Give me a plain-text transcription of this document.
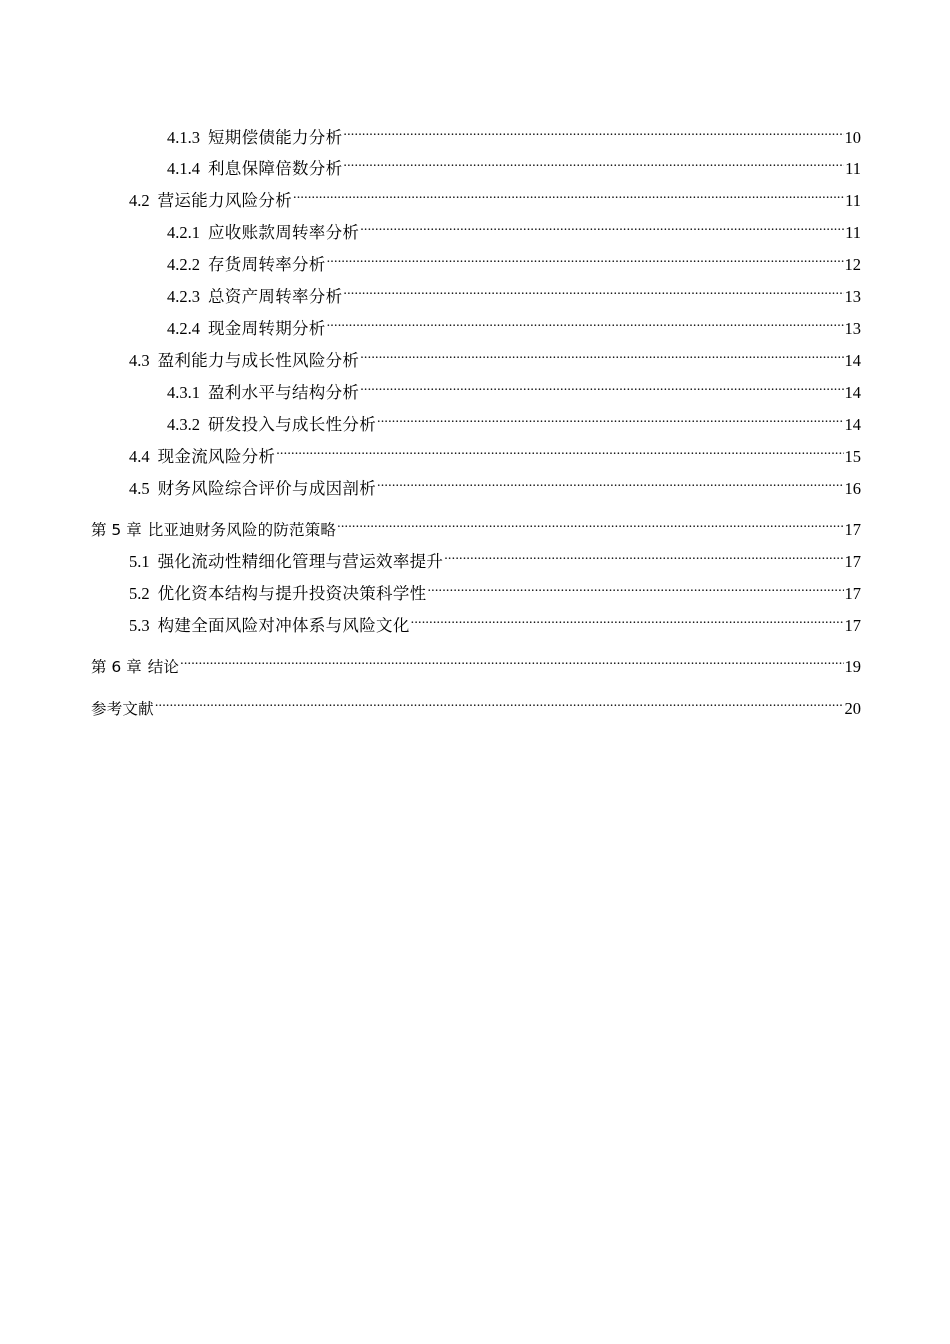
4.1.3 短期偿债能力分析 .....	10
4.1.4 利息保障倍数分析 .....	11
4.2 营运能力风险分析 .....	11
4.2.1 应收账款周转率分析 .....	11
4.2.2 存货周转率分析 .....	12
4.2.3 总资产周转率分析 .....	13
4.2.4 现金周转期分析 .....	13
4.3 盈利能力与成长性风险分析 .....	14
4.3.1 盈利水平与结构分析 .....	14
4.3.2 研发投入与成长性分析 .....	14
4.4 现金流风险分析 .....	15
4.5 财务风险综合评价与成因剖析 .....	16
第 5 章 比亚迪财务风险的防范策略 .....	17
5.1 强化流动性精细化管理与营运效率提升 .....	17
5.2 优化资本结构与提升投资决策科学性 .....	17
5.3 构建全面风险对冲体系与风险文化 .....	17
第 6 章 结论 .....	19
参考文献 .....	20
